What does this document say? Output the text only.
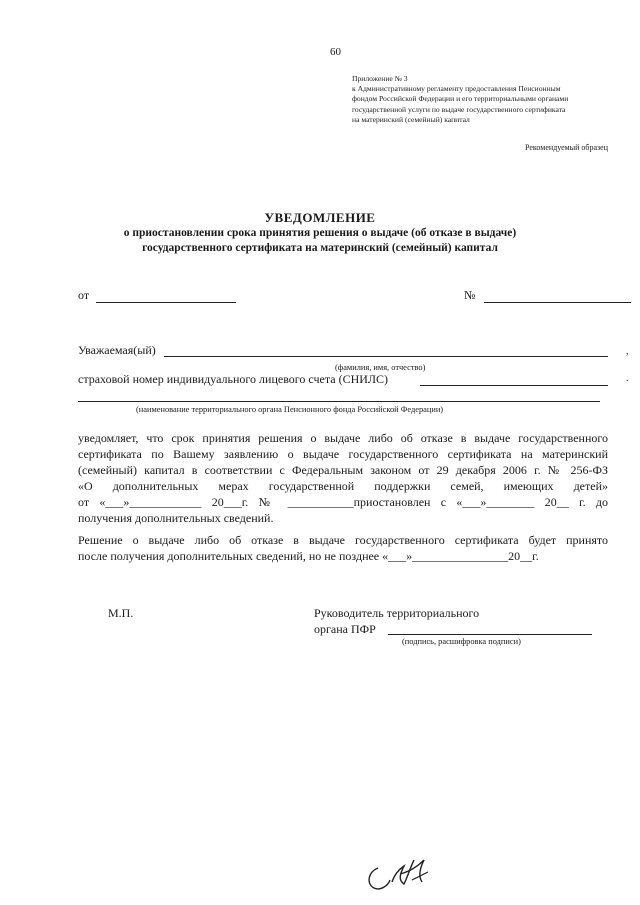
60
Приложение № 3
к Административному регламенту предоставления Пенсионным
фондом Российской Федерации и его территориальными органами
государственной услуги по выдаче государственного сертификата
на материнский (семейный) капитал
Рекомендуемый образец
УВЕДОМЛЕНИЕ
о приостановлении срока принятия решения о выдаче (об отказе в выдаче)
государственного сертификата на материнский (семейный) капитал
от	№
Уважаемая(ый)	,
(фамилия, имя, отчество)
страховой номер индивидуального лицевого счета (СНИЛС)	.
(наименование территориального органа Пенсионного фонда Российской Федерации)
уведомляет, что срок принятия решения о выдаче либо об отказе в выдаче государственного
сертификата по Вашему заявлению о выдаче государственного сертификата на материнский
(семейный) капитал в соответствии с Федеральным законом от 29 декабря 2006 г. № 256-ФЗ
«О дополнительных мерах государственной поддержки семей, имеющих детей»
от «___»____________ 20___г. № ___________приостановлен с «___»________ 20__ г. до
получения дополнительных сведений.
Решение о выдаче либо об отказе в выдаче государственного сертификата будет принято
после получения дополнительных сведений, но не позднее «___»________________20__г.
М.П.	Руководитель территориального
органа ПФР
(подпись, расшифровка подписи)
